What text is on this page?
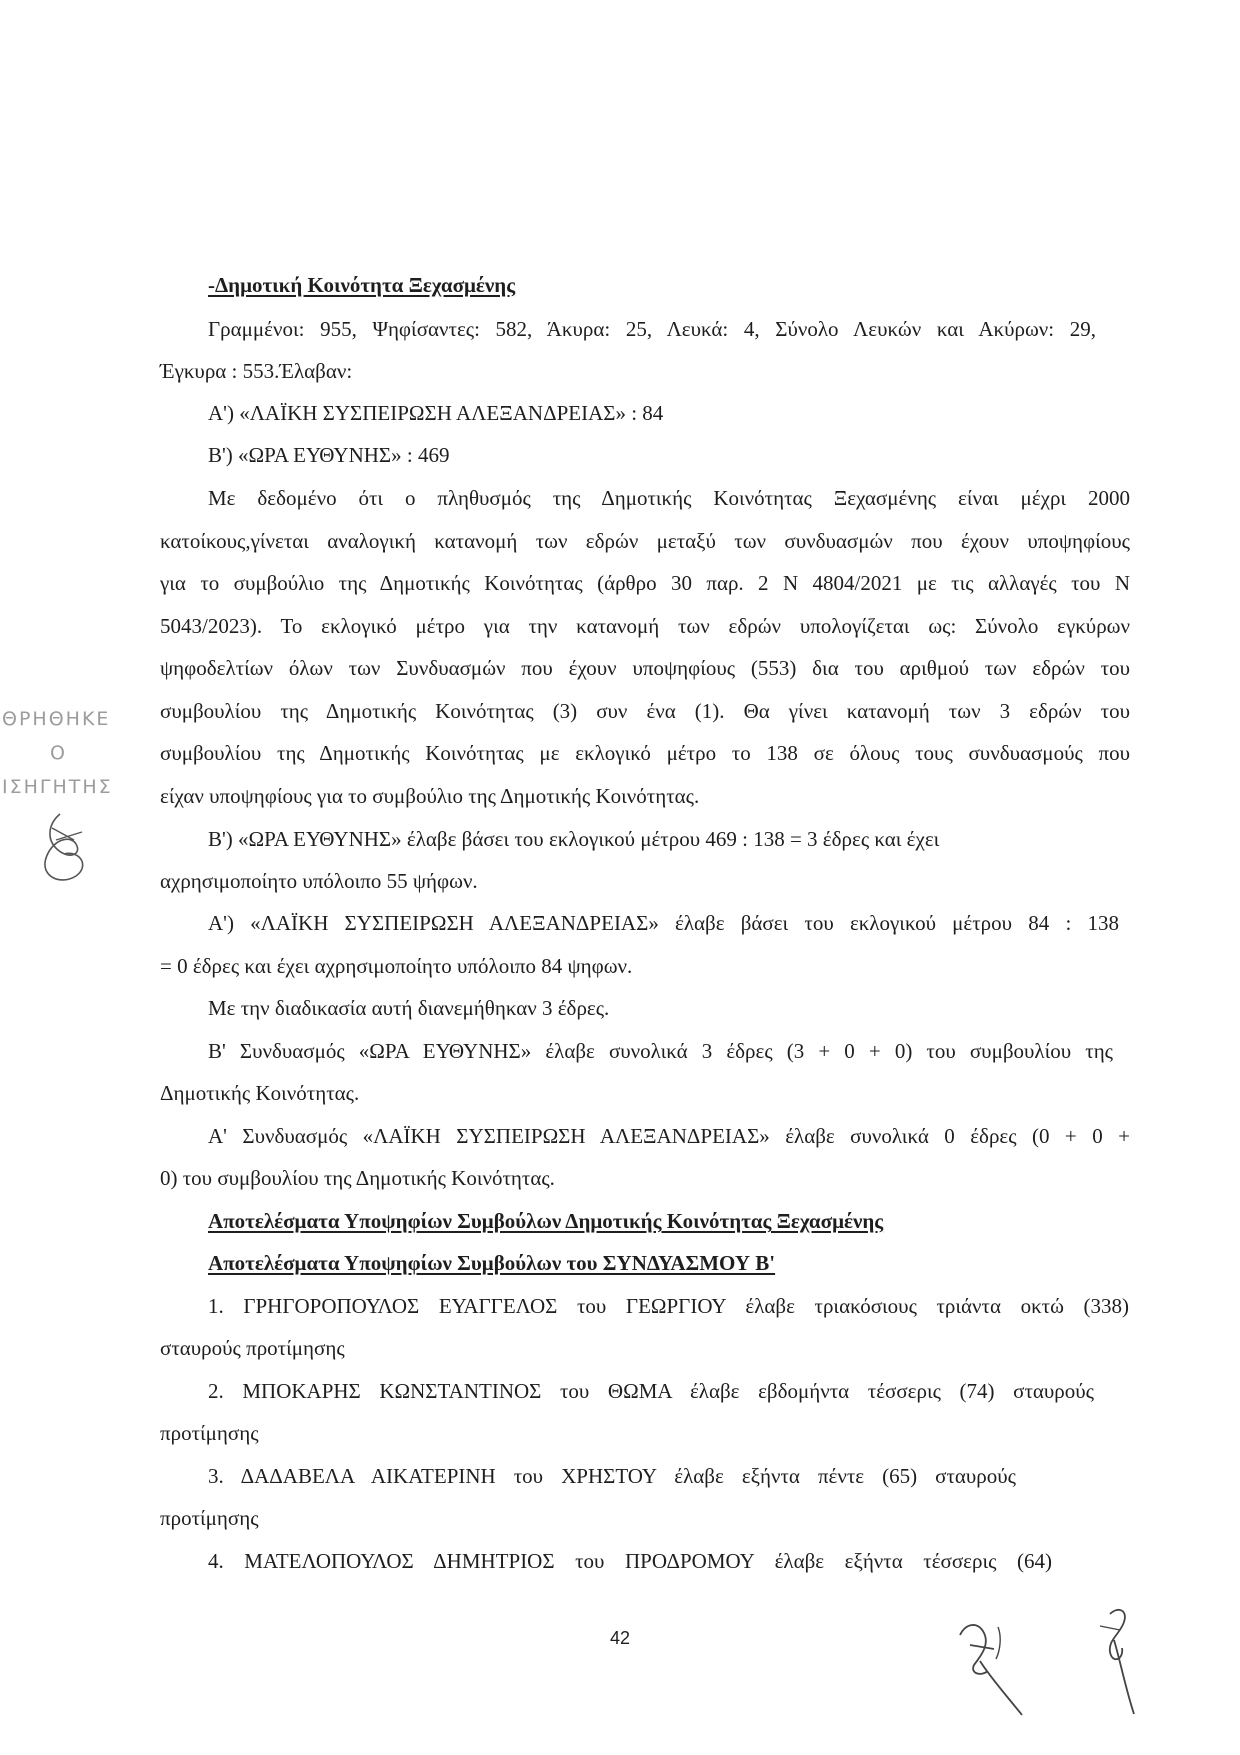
-Δημοτική Κοινότητα Ξεχασμένης
Γραμμένοι: 955, Ψηφίσαντες: 582, Άκυρα: 25, Λευκά: 4, Σύνολο Λευκών και Ακύρων: 29,
Έγκυρα : 553.Έλαβαν:
Α') «ΛΑΪΚΗ ΣΥΣΠΕΙΡΩΣΗ ΑΛΕΞΑΝΔΡΕΙΑΣ» : 84
Β') «ΩΡΑ ΕΥΘΥΝΗΣ» : 469
Με δεδομένο ότι ο πληθυσμός της Δημοτικής Κοινότητας Ξεχασμένης είναι μέχρι 2000
κατοίκους,γίνεται αναλογική κατανομή των εδρών μεταξύ των συνδυασμών που έχουν υποψηφίους
για το συμβούλιο της Δημοτικής Κοινότητας (άρθρο 30 παρ. 2 Ν 4804/2021 με τις αλλαγές του Ν
5043/2023). Το εκλογικό μέτρο για την κατανομή των εδρών υπολογίζεται ως: Σύνολο εγκύρων
ψηφοδελτίων όλων των Συνδυασμών που έχουν υποψηφίους (553) δια του αριθμού των εδρών του
συμβουλίου της Δημοτικής Κοινότητας (3) συν ένα (1). Θα γίνει κατανομή των 3 εδρών του
συμβουλίου της Δημοτικής Κοινότητας με εκλογικό μέτρο το 138 σε όλους τους συνδυασμούς που
είχαν υποψηφίους για το συμβούλιο της Δημοτικής Κοινότητας.
Β') «ΩΡΑ ΕΥΘΥΝΗΣ» έλαβε βάσει του εκλογικού μέτρου 469 : 138 = 3 έδρες και έχει
αχρησιμοποίητο υπόλοιπο 55 ψήφων.
Α') «ΛΑΪΚΗ ΣΥΣΠΕΙΡΩΣΗ ΑΛΕΞΑΝΔΡΕΙΑΣ» έλαβε βάσει του εκλογικού μέτρου 84 : 138
= 0 έδρες και έχει αχρησιμοποίητο υπόλοιπο 84 ψηφων.
Με την διαδικασία αυτή διανεμήθηκαν 3 έδρες.
Β' Συνδυασμός «ΩΡΑ ΕΥΘΥΝΗΣ» έλαβε συνολικά 3 έδρες (3 + 0 + 0) του συμβουλίου της
Δημοτικής Κοινότητας.
Α' Συνδυασμός «ΛΑΪΚΗ ΣΥΣΠΕΙΡΩΣΗ ΑΛΕΞΑΝΔΡΕΙΑΣ» έλαβε συνολικά 0 έδρες (0 + 0 +
0) του συμβουλίου της Δημοτικής Κοινότητας.
Αποτελέσματα Υποψηφίων Συμβούλων Δημοτικής Κοινότητας Ξεχασμένης
Αποτελέσματα Υποψηφίων Συμβούλων του ΣΥΝΔΥΑΣΜΟΥ Β'
1. ΓΡΗΓΟΡΟΠΟΥΛΟΣ ΕΥΑΓΓΕΛΟΣ του ΓΕΩΡΓΙΟΥ έλαβε τριακόσιους τριάντα οκτώ (338)
σταυρούς προτίμησης
2. ΜΠΟΚΑΡΗΣ ΚΩΝΣΤΑΝΤΙΝΟΣ του ΘΩΜΑ έλαβε εβδομήντα τέσσερις (74) σταυρούς
προτίμησης
3. ΔΑΔΑΒΕΛΑ ΑΙΚΑΤΕΡΙΝΗ του ΧΡΗΣΤΟΥ έλαβε εξήντα πέντε (65) σταυρούς
προτίμησης
4. ΜΑΤΕΛΟΠΟΥΛΟΣ ΔΗΜΗΤΡΙΟΣ του ΠΡΟΔΡΟΜΟΥ έλαβε εξήντα τέσσερις (64)
42
ΘΡΗΘΗΚΕ
Ο
ΙΣΗΓΗΤΗΣ
